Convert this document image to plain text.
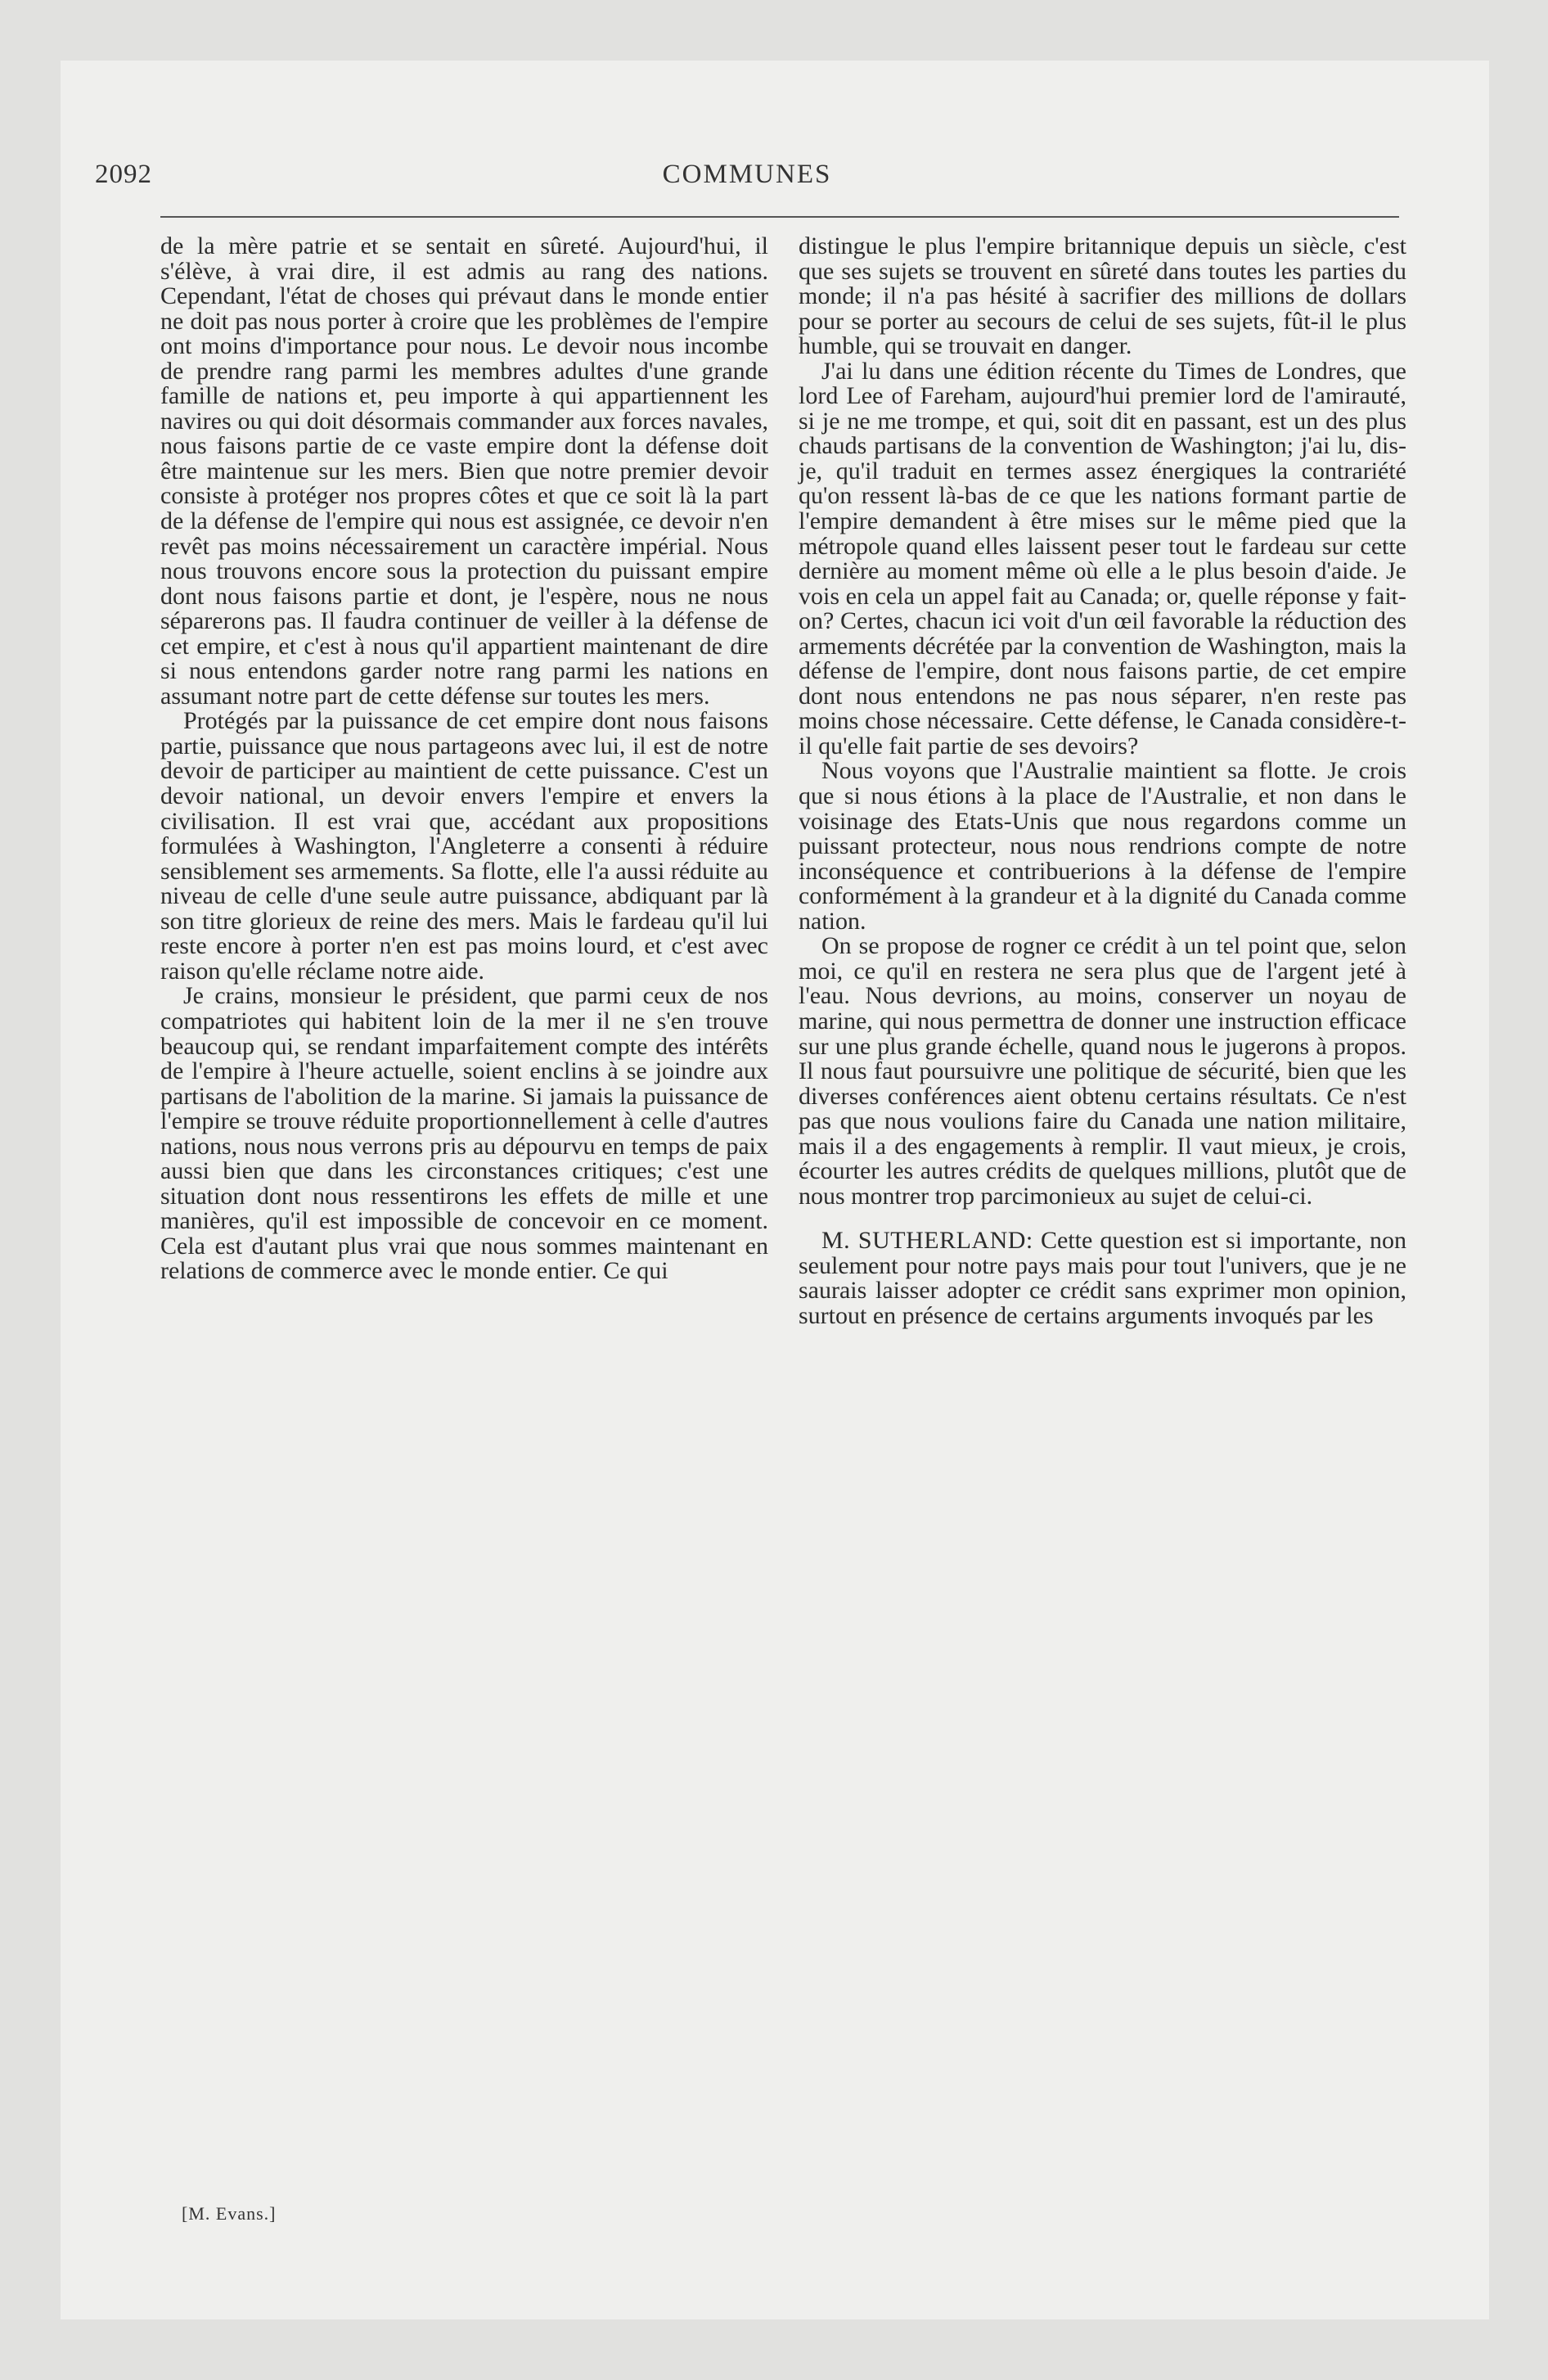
2092	COMMUNES

de la mère patrie et se sentait en sûreté. Aujourd'hui, il s'élève, à vrai dire, il est admis au rang des nations. Cependant, l'état de choses qui prévaut dans le monde entier ne doit pas nous porter à croire que les problèmes de l'empire ont moins d'importance pour nous. Le devoir nous incombe de prendre rang parmi les membres adultes d'une grande famille de nations et, peu importe à qui appartiennent les navires ou qui doit désormais commander aux forces navales, nous faisons partie de ce vaste empire dont la défense doit être maintenue sur les mers. Bien que notre premier devoir consiste à protéger nos propres côtes et que ce soit là la part de la défense de l'empire qui nous est assignée, ce devoir n'en revêt pas moins nécessairement un caractère impérial. Nous nous trouvons encore sous la protection du puissant empire dont nous faisons partie et dont, je l'espère, nous ne nous séparerons pas. Il faudra continuer de veiller à la défense de cet empire, et c'est à nous qu'il appartient maintenant de dire si nous entendons garder notre rang parmi les nations en assumant notre part de cette défense sur toutes les mers.

Protégés par la puissance de cet empire dont nous faisons partie, puissance que nous partageons avec lui, il est de notre devoir de participer au maintient de cette puissance. C'est un devoir national, un devoir envers l'empire et envers la civilisation. Il est vrai que, accédant aux propositions formulées à Washington, l'Angleterre a consenti à réduire sensiblement ses armements. Sa flotte, elle l'a aussi réduite au niveau de celle d'une seule autre puissance, abdiquant par là son titre glorieux de reine des mers. Mais le fardeau qu'il lui reste encore à porter n'en est pas moins lourd, et c'est avec raison qu'elle réclame notre aide.

Je crains, monsieur le président, que parmi ceux de nos compatriotes qui habitent loin de la mer il ne s'en trouve beaucoup qui, se rendant imparfaitement compte des intérêts de l'empire à l'heure actuelle, soient enclins à se joindre aux partisans de l'abolition de la marine. Si jamais la puissance de l'empire se trouve réduite proportionnellement à celle d'autres nations, nous nous verrons pris au dépourvu en temps de paix aussi bien que dans les circonstances critiques; c'est une situation dont nous ressentirons les effets de mille et une manières, qu'il est impossible de concevoir en ce moment. Cela est d'autant plus vrai que nous sommes maintenant en relations de commerce avec le monde entier. Ce qui

distingue le plus l'empire britannique depuis un siècle, c'est que ses sujets se trouvent en sûreté dans toutes les parties du monde; il n'a pas hésité à sacrifier des millions de dollars pour se porter au secours de celui de ses sujets, fût-il le plus humble, qui se trouvait en danger.

J'ai lu dans une édition récente du Times de Londres, que lord Lee of Fareham, aujourd'hui premier lord de l'amirauté, si je ne me trompe, et qui, soit dit en passant, est un des plus chauds partisans de la convention de Washington; j'ai lu, dis-je, qu'il traduit en termes assez énergiques la contrariété qu'on ressent là-bas de ce que les nations formant partie de l'empire demandent à être mises sur le même pied que la métropole quand elles laissent peser tout le fardeau sur cette dernière au moment même où elle a le plus besoin d'aide. Je vois en cela un appel fait au Canada; or, quelle réponse y fait-on? Certes, chacun ici voit d'un œil favorable la réduction des armements décrétée par la convention de Washington, mais la défense de l'empire, dont nous faisons partie, de cet empire dont nous entendons ne pas nous séparer, n'en reste pas moins chose nécessaire. Cette défense, le Canada considère-t-il qu'elle fait partie de ses devoirs?

Nous voyons que l'Australie maintient sa flotte. Je crois que si nous étions à la place de l'Australie, et non dans le voisinage des Etats-Unis que nous regardons comme un puissant protecteur, nous nous rendrions compte de notre inconséquence et contribuerions à la défense de l'empire conformément à la grandeur et à la dignité du Canada comme nation.

On se propose de rogner ce crédit à un tel point que, selon moi, ce qu'il en restera ne sera plus que de l'argent jeté à l'eau. Nous devrions, au moins, conserver un noyau de marine, qui nous permettra de donner une instruction efficace sur une plus grande échelle, quand nous le jugerons à propos. Il nous faut poursuivre une politique de sécurité, bien que les diverses conférences aient obtenu certains résultats. Ce n'est pas que nous voulions faire du Canada une nation militaire, mais il a des engagements à remplir. Il vaut mieux, je crois, écourter les autres crédits de quelques millions, plutôt que de nous montrer trop parcimonieux au sujet de celui-ci.

M. SUTHERLAND: Cette question est si importante, non seulement pour notre pays mais pour tout l'univers, que je ne saurais laisser adopter ce crédit sans exprimer mon opinion, surtout en présence de certains arguments invoqués par les

[M. Evans.]
